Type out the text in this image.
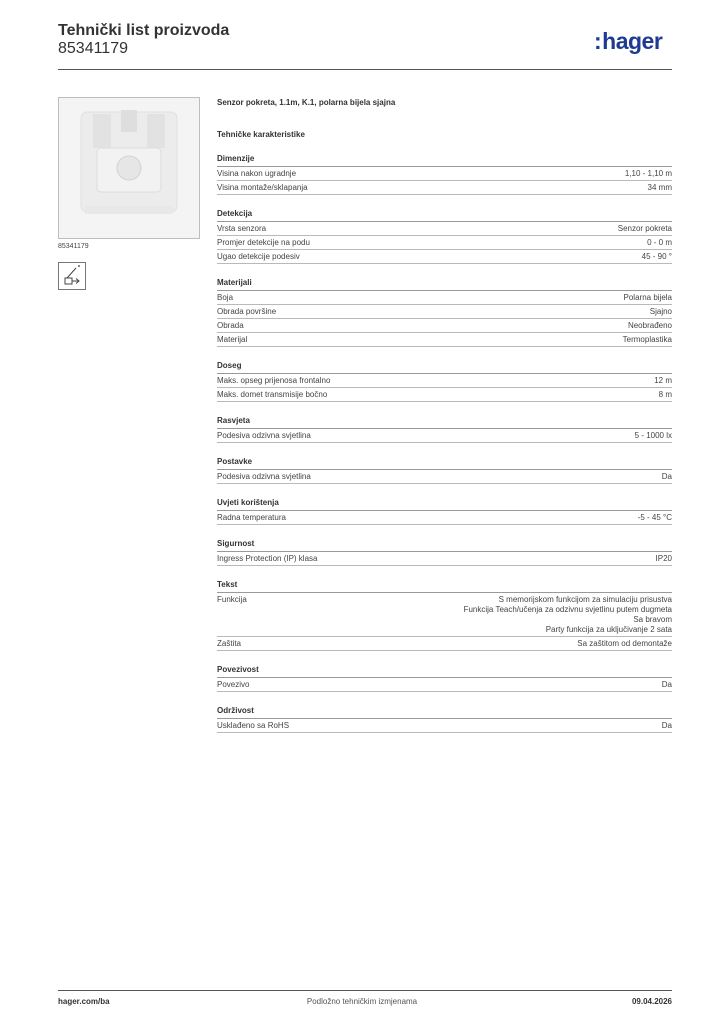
Tehnički list proizvoda
85341179	:hager
85341179
Senzor pokreta, 1.1m, K.1, polarna bijela sjajna
Tehničke karakteristike
Dimenzije
Visina nakon ugradnje	1,10 - 1,10 m
Visina montaže/sklapanja	34 mm
Detekcija
Vrsta senzora	Senzor pokreta
Promjer detekcije na podu	0 - 0 m
Ugao detekcije podesiv	45 - 90 °
Materijali
Boja	Polarna bijela
Obrada površine	Sjajno
Obrada	Neobrađeno
Materijal	Termoplastika
Doseg
Maks. opseg prijenosa frontalno	12 m
Maks. domet transmisije bočno	8 m
Rasvjeta
Podesiva odzivna svjetlina	5 - 1000 lx
Postavke
Podesiva odzivna svjetlina	Da
Uvjeti korištenja
Radna temperatura	-5 - 45 °C
Sigurnost
Ingress Protection (IP) klasa	IP20
Tekst
Funkcija	S memorijskom funkcijom za simulaciju prisustva
Funkcija Teach/učenja za odzivnu svjetlinu putem dugmeta
Sa bravom
Party funkcija za uključivanje 2 sata
Zaštita	Sa zaštitom od demontaže
Povezivost
Povezivo	Da
Održivost
Usklađeno sa RoHS	Da
hager.com/ba	Podložno tehničkim izmjenama	09.04.2026
